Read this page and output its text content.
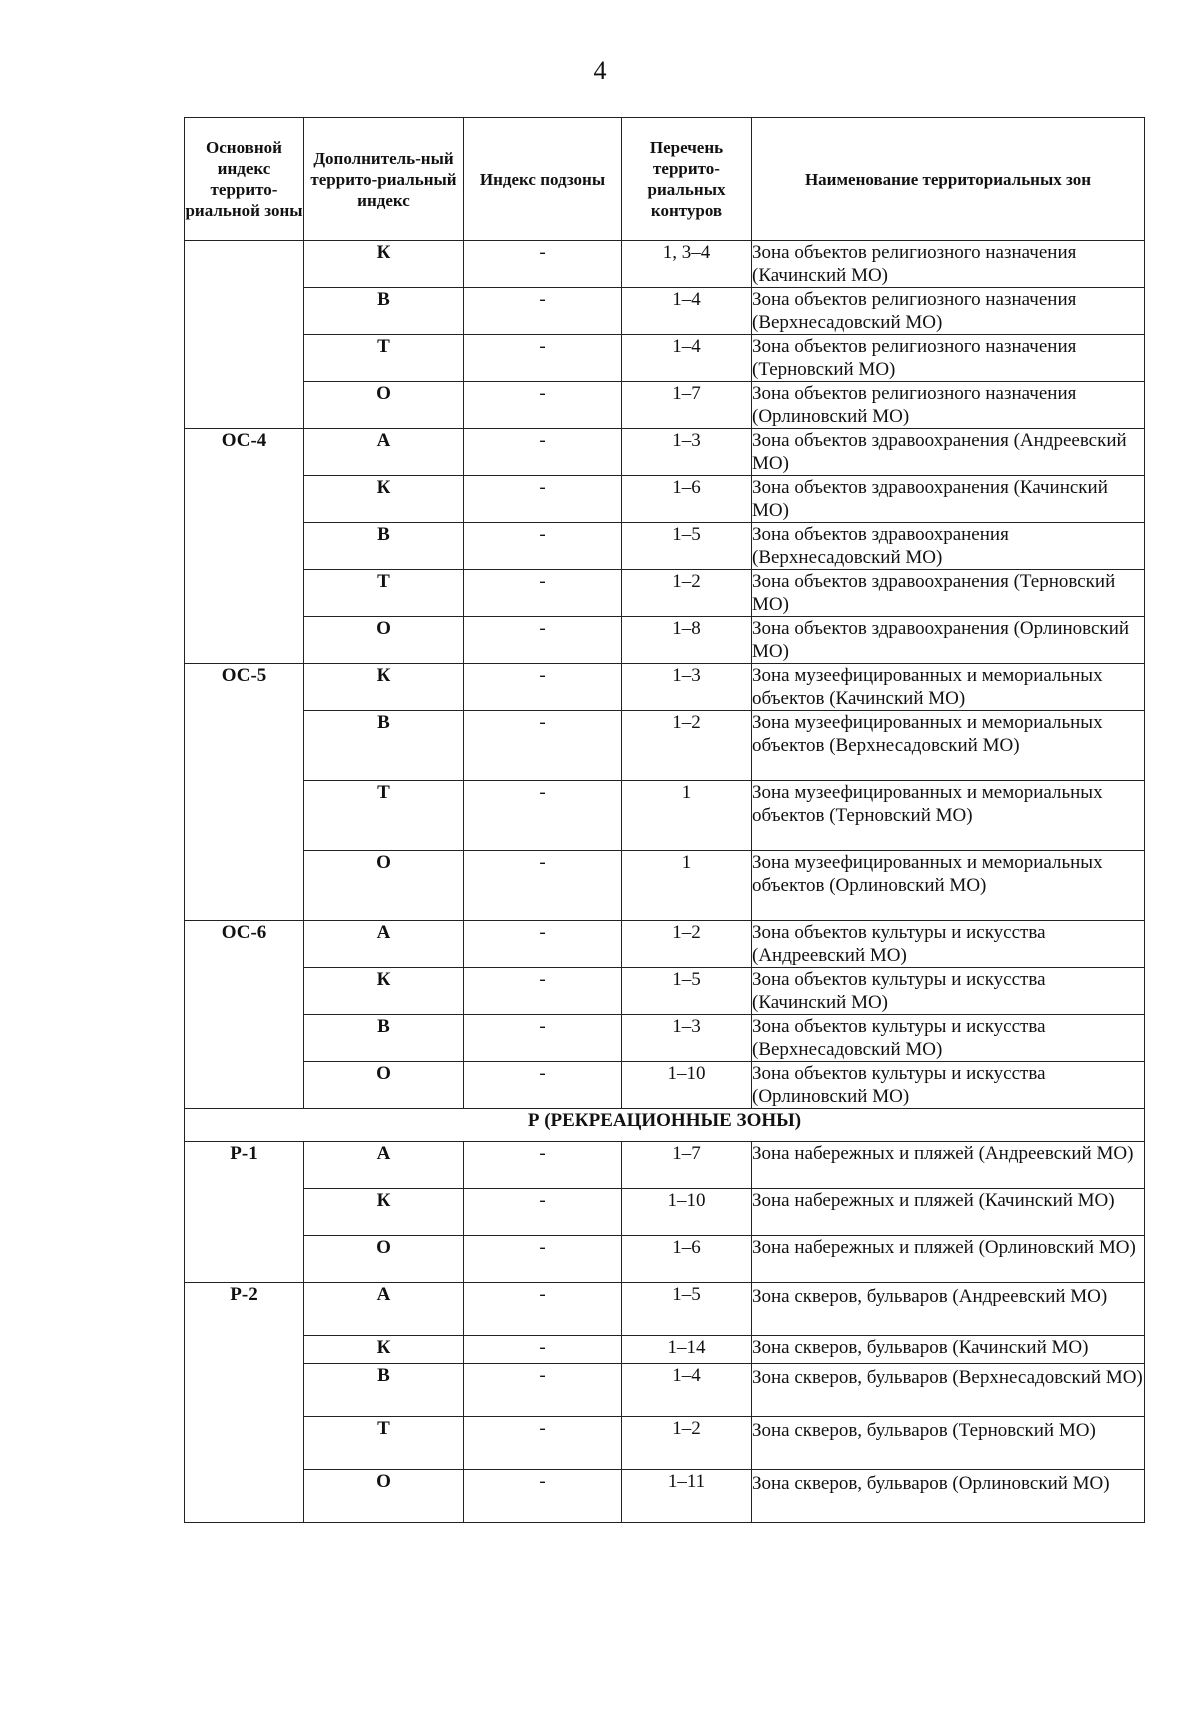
4
Основной индекс террито-риальной зоны	Дополнитель-ный террито-риальный индекс	Индекс подзоны	Перечень террито-риальных контуров	Наименование территориальных зон
	К	-	1, 3–4	Зона объектов религиозного назначения (Качинский МО)
	В	-	1–4	Зона объектов религиозного назначения (Верхнесадовский МО)
	Т	-	1–4	Зона объектов религиозного назначения (Терновский МО)
	О	-	1–7	Зона объектов религиозного назначения (Орлиновский МО)
ОС-4	А	-	1–3	Зона объектов здравоохранения (Андреевский МО)
	К	-	1–6	Зона объектов здравоохранения (Качинский МО)
	В	-	1–5	Зона объектов здравоохранения (Верхнесадовский МО)
	Т	-	1–2	Зона объектов здравоохранения (Терновский МО)
	О	-	1–8	Зона объектов здравоохранения (Орлиновский МО)
ОС-5	К	-	1–3	Зона музеефицированных и мемориальных объектов (Качинский МО)
	В	-	1–2	Зона музеефицированных и мемориальных объектов (Верхнесадовский МО)
	Т	-	1	Зона музеефицированных и мемориальных объектов (Терновский МО)
	О	-	1	Зона музеефицированных и мемориальных объектов (Орлиновский МО)
ОС-6	А	-	1–2	Зона объектов культуры и искусства (Андреевский МО)
	К	-	1–5	Зона объектов культуры и искусства (Качинский МО)
	В	-	1–3	Зона объектов культуры и искусства (Верхнесадовский МО)
	О	-	1–10	Зона объектов культуры и искусства (Орлиновский МО)
Р (РЕКРЕАЦИОННЫЕ ЗОНЫ)				
Р-1	А	-	1–7	Зона набережных и пляжей (Андреевский МО)
	К	-	1–10	Зона набережных и пляжей (Качинский МО)
	О	-	1–6	Зона набережных и пляжей (Орлиновский МО)
Р-2	А	-	1–5	Зона скверов, бульваров (Андреевский МО)
	К	-	1–14	Зона скверов, бульваров (Качинский МО)
	В	-	1–4	Зона скверов, бульваров (Верхнесадовский МО)
	Т	-	1–2	Зона скверов, бульваров (Терновский МО)
	О	-	1–11	Зона скверов, бульваров (Орлиновский МО)
